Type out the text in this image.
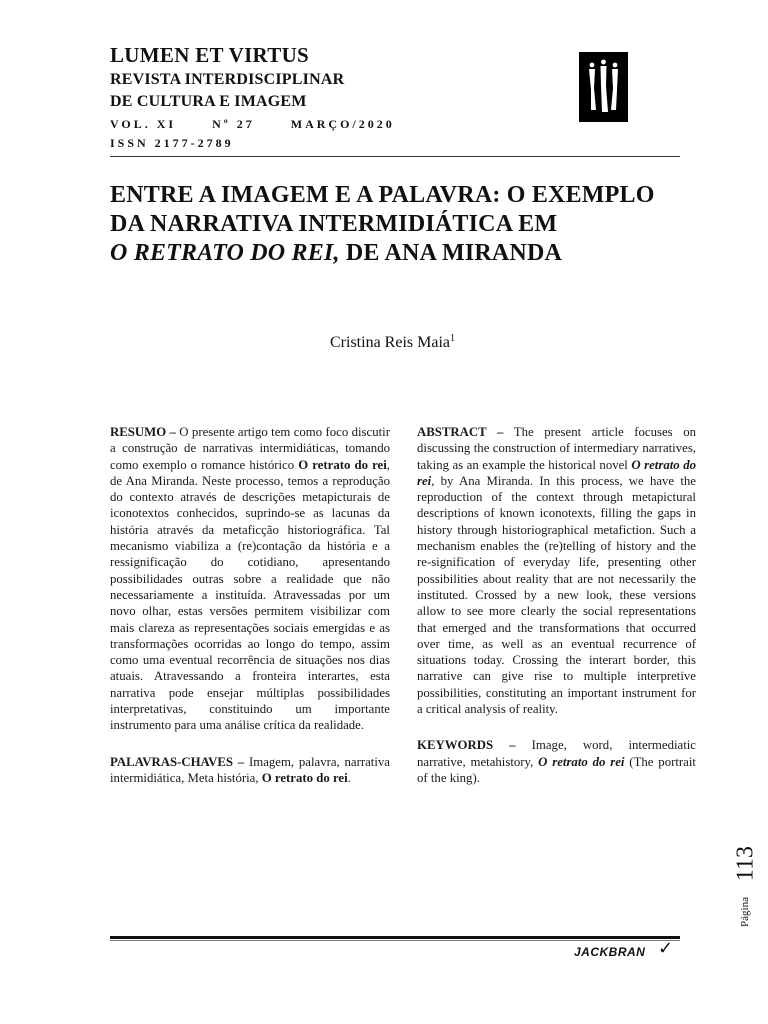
LUMEN ET VIRTUS
REVISTA INTERDISCIPLINAR
DE CULTURA E IMAGEM
VOL. XI	Nº 27	MARÇO/2020
ISSN 2177-2789
ENTRE A IMAGEM E A PALAVRA: O EXEMPLO
DA NARRATIVA INTERMIDIÁTICA EM
O RETRATO DO REI, DE ANA MIRANDA
Cristina Reis Maia$^1$

RESUMO – O presente artigo tem como foco discutir a construção de narrativas intermidiáticas, tomando como exemplo o romance histórico O retrato do rei, de Ana Miranda. Neste processo, temos a reprodução do contexto através de descrições metapicturais de iconotextos conhecidos, suprindo-se as lacunas da história através da metaficção historiográfica. Tal mecanismo viabiliza a (re)contação da história e a ressignificação do cotidiano, apresentando possibilidades outras sobre a realidade que não necessariamente a instituída. Atravessadas por um novo olhar, estas versões permitem visibilizar com mais clareza as representações sociais emergidas e as transformações ocorridas ao longo do tempo, assim como uma eventual recorrência de situações nos dias atuais. Atravessando a fronteira interartes, esta narrativa pode ensejar múltiplas possibilidades interpretativas, constituindo um importante instrumento para uma análise crítica da realidade.

PALAVRAS-CHAVES – Imagem, palavra, narrativa intermidiática, Meta história, O retrato do rei.

ABSTRACT – The present article focuses on discussing the construction of intermediary narratives, taking as an example the historical novel O retrato do rei, by Ana Miranda. In this process, we have the reproduction of the context through metapictural descriptions of known iconotexts, filling the gaps in history through historiographical metafiction. Such a mechanism enables the (re)telling of history and the re-signification of everyday life, presenting other possibilities about reality that are not necessarily the instituted. Crossed by a new look, these versions allow to see more clearly the social representations that emerged and the transformations that occurred over time, as well as an eventual recurrence of situations today. Crossing the interart border, this narrative can give rise to multiple interpretive possibilities, constituting an important instrument for a critical analysis of reality.

KEYWORDS – Image, word, intermediatic narrative, metahistory, O retrato do rei (The portrait of the king).

113
Página
JACKBRAN ✓
